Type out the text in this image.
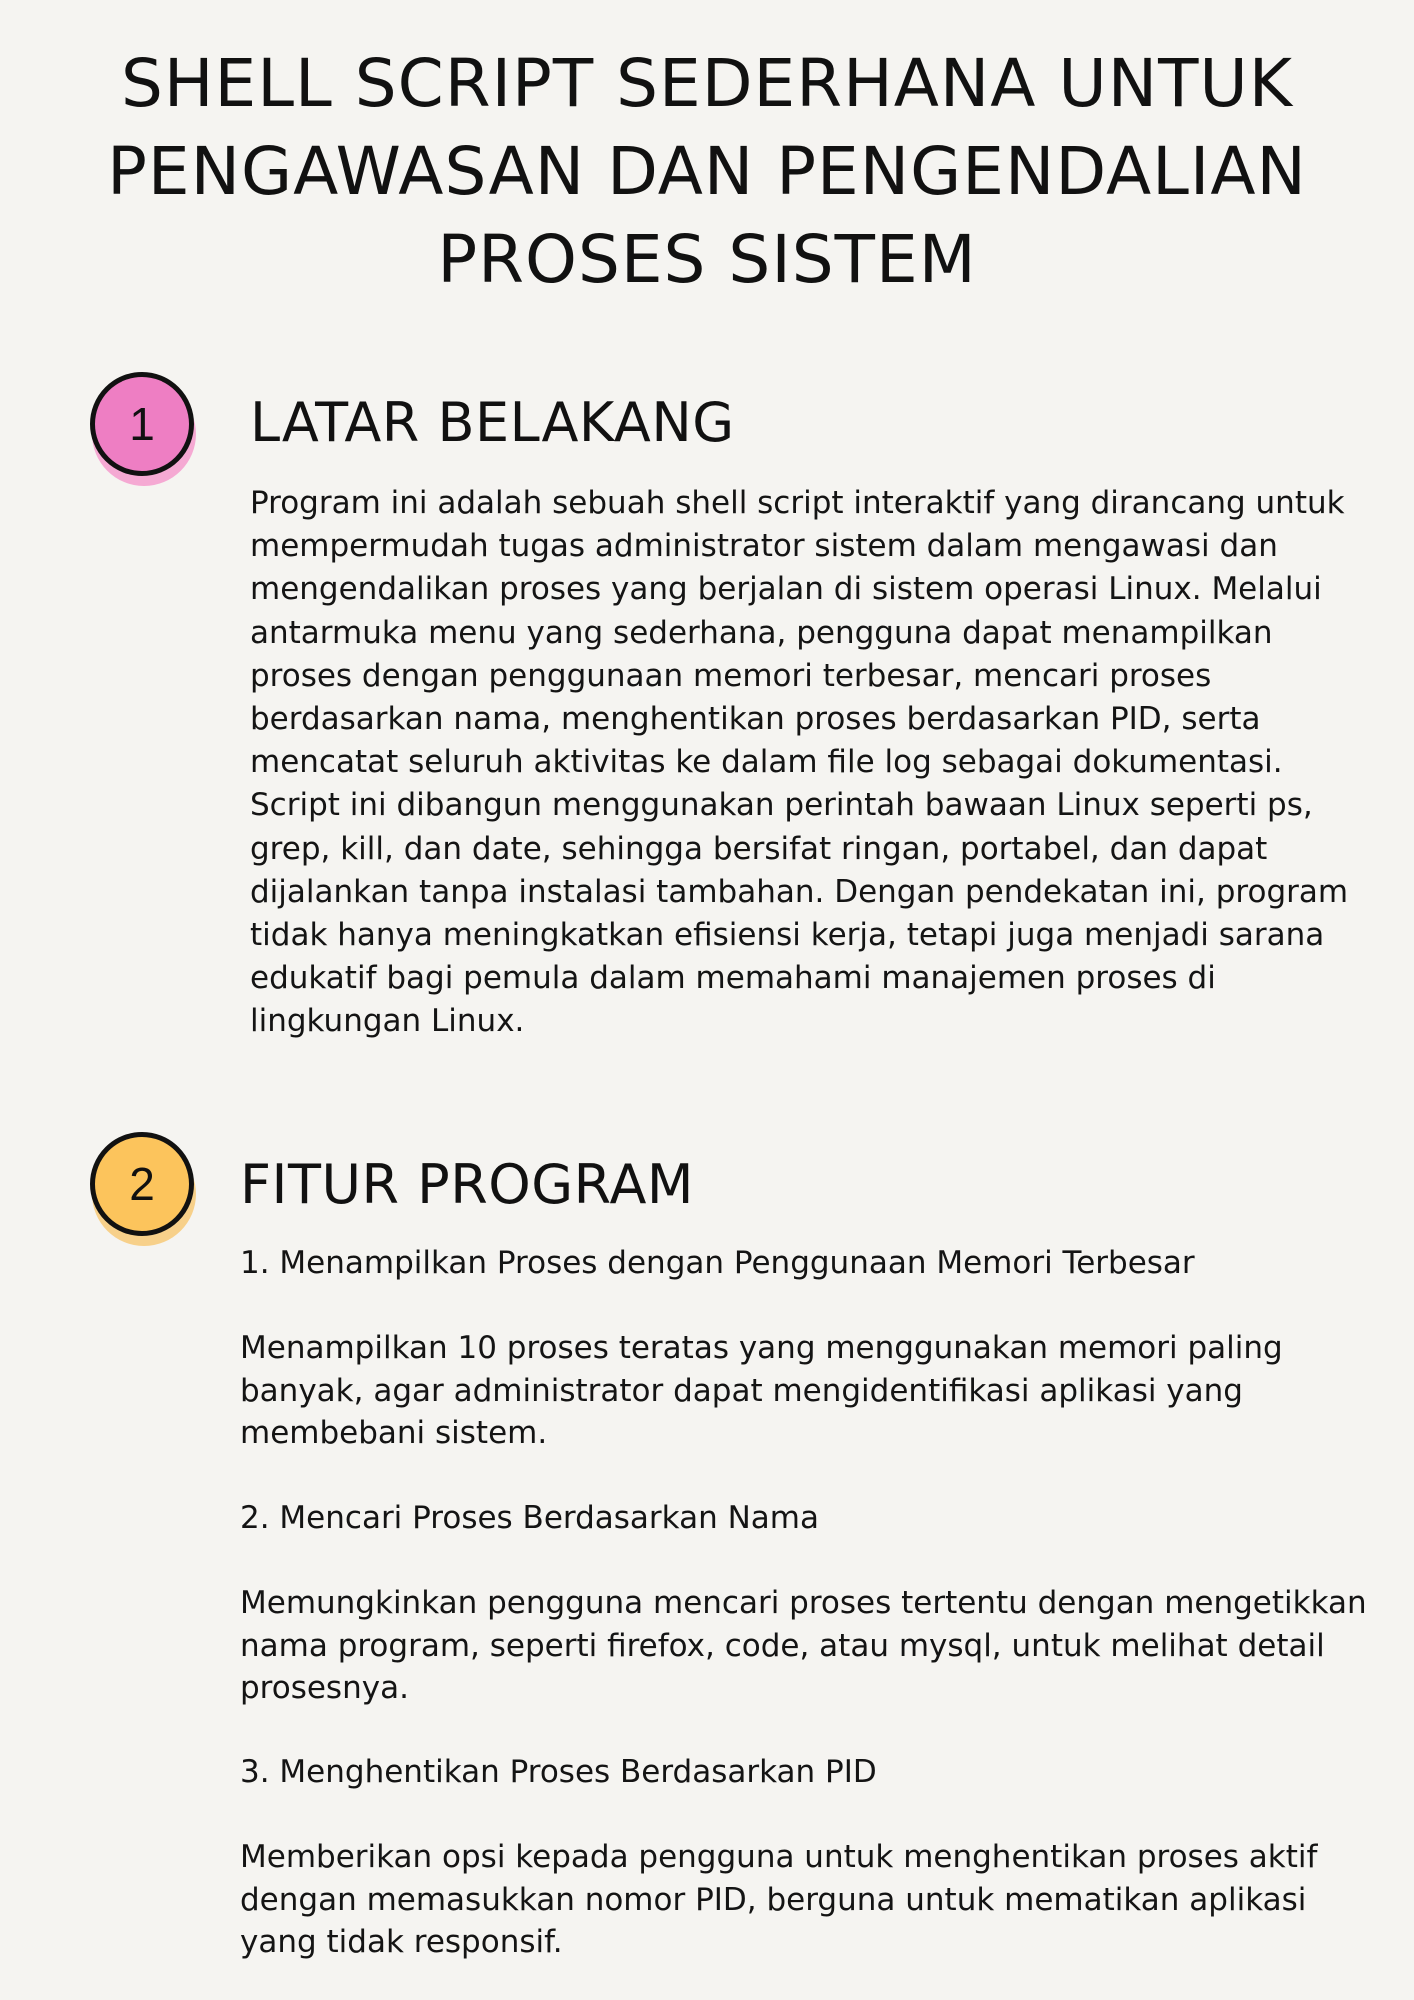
SHELL SCRIPT SEDERHANA UNTUK
PENGAWASAN DAN PENGENDALIAN
PROSES SISTEM
1 LATAR BELAKANG

Program ini adalah sebuah shell script interaktif yang dirancang untuk
mempermudah tugas administrator sistem dalam mengawasi dan
mengendalikan proses yang berjalan di sistem operasi Linux. Melalui
antarmuka menu yang sederhana, pengguna dapat menampilkan
proses dengan penggunaan memori terbesar, mencari proses
berdasarkan nama, menghentikan proses berdasarkan PID, serta
mencatat seluruh aktivitas ke dalam file log sebagai dokumentasi.
Script ini dibangun menggunakan perintah bawaan Linux seperti ps,
grep, kill, dan date, sehingga bersifat ringan, portabel, dan dapat
dijalankan tanpa instalasi tambahan. Dengan pendekatan ini, program
tidak hanya meningkatkan efisiensi kerja, tetapi juga menjadi sarana
edukatif bagi pemula dalam memahami manajemen proses di
lingkungan Linux.

2 FITUR PROGRAM

1. Menampilkan Proses dengan Penggunaan Memori Terbesar

Menampilkan 10 proses teratas yang menggunakan memori paling
banyak, agar administrator dapat mengidentifikasi aplikasi yang
membebani sistem.

2. Mencari Proses Berdasarkan Nama

Memungkinkan pengguna mencari proses tertentu dengan mengetikkan
nama program, seperti firefox, code, atau mysql, untuk melihat detail
prosesnya.

3. Menghentikan Proses Berdasarkan PID

Memberikan opsi kepada pengguna untuk menghentikan proses aktif
dengan memasukkan nomor PID, berguna untuk mematikan aplikasi
yang tidak responsif.
